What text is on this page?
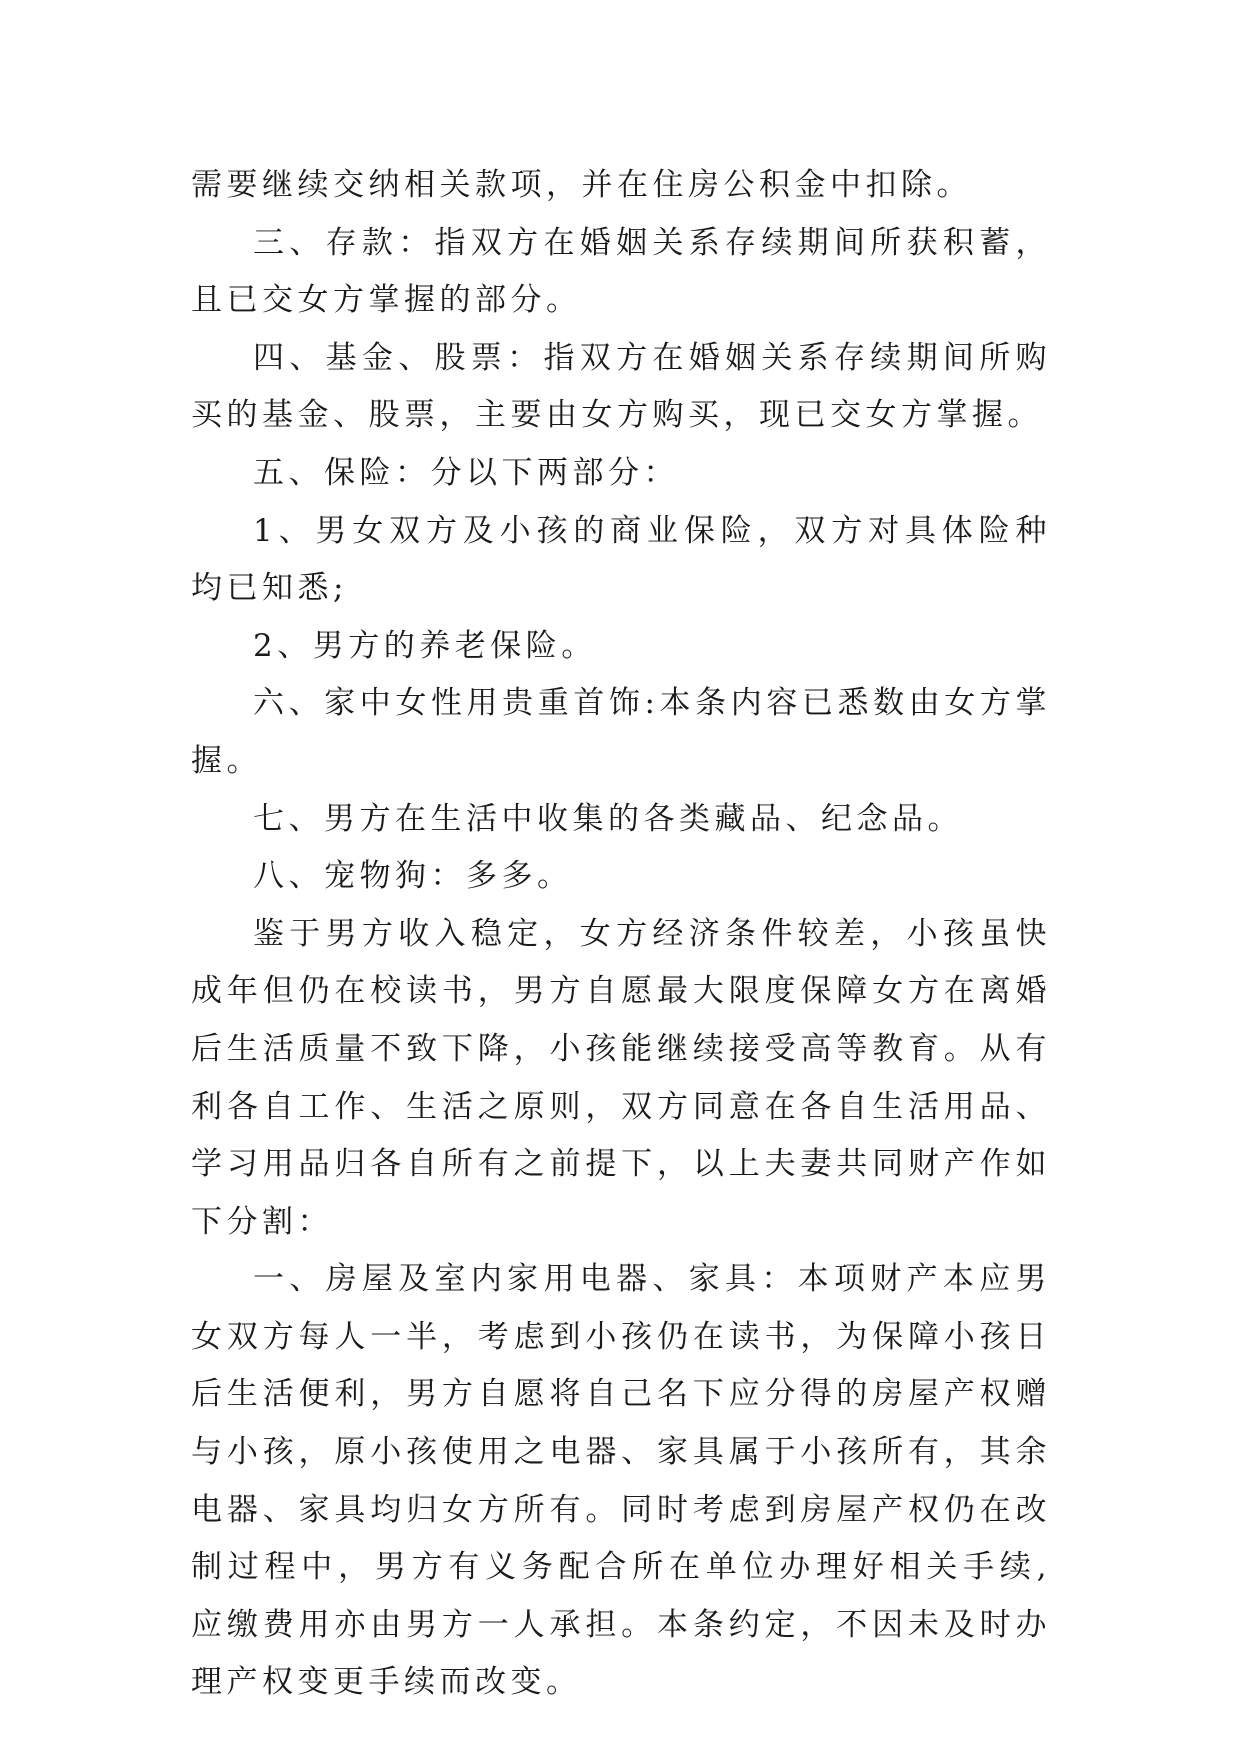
需要继续交纳相关款项，并在住房公积金中扣除。

三、存款：指双方在婚姻关系存续期间所获积蓄，且已交女方掌握的部分。

四、基金、股票：指双方在婚姻关系存续期间所购买的基金、股票，主要由女方购买，现已交女方掌握。

五、保险：分以下两部分：

1、男女双方及小孩的商业保险，双方对具体险种均已知悉;

2、男方的养老保险。

六、家中女性用贵重首饰:本条内容已悉数由女方掌握。

七、男方在生活中收集的各类藏品、纪念品。

八、宠物狗：多多。

鉴于男方收入稳定，女方经济条件较差，小孩虽快成年但仍在校读书，男方自愿最大限度保障女方在离婚后生活质量不致下降，小孩能继续接受高等教育。从有利各自工作、生活之原则，双方同意在各自生活用品、学习用品归各自所有之前提下，以上夫妻共同财产作如下分割：

一、房屋及室内家用电器、家具：本项财产本应男女双方每人一半，考虑到小孩仍在读书，为保障小孩日后生活便利，男方自愿将自己名下应分得的房屋产权赠与小孩，原小孩使用之电器、家具属于小孩所有，其余电器、家具均归女方所有。同时考虑到房屋产权仍在改制过程中，男方有义务配合所在单位办理好相关手续,应缴费用亦由男方一人承担。本条约定，不因未及时办理产权变更手续而改变。
